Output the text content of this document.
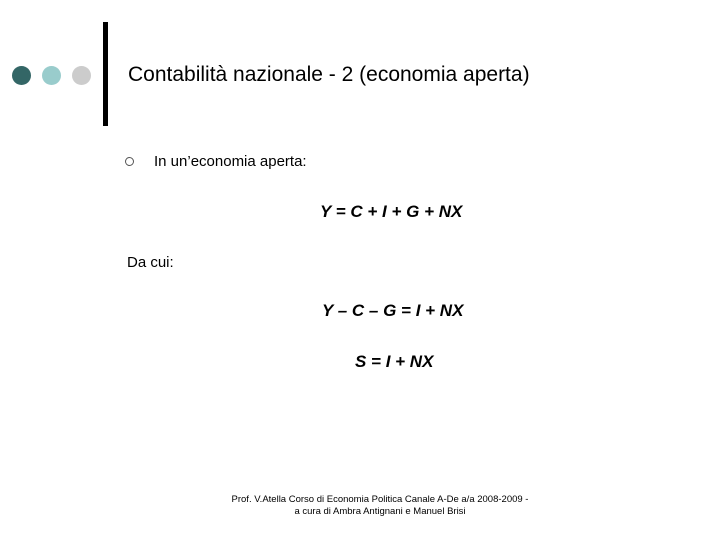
Contabilità nazionale - 2 (economia aperta)
In un’economia aperta:
Y = C + I + G + NX
Da cui:
Y – C – G = I + NX
S = I + NX
Prof. V.Atella Corso di Economia Politica Canale A-De a/a 2008-2009 -
a cura di Ambra Antignani e Manuel Brisi
